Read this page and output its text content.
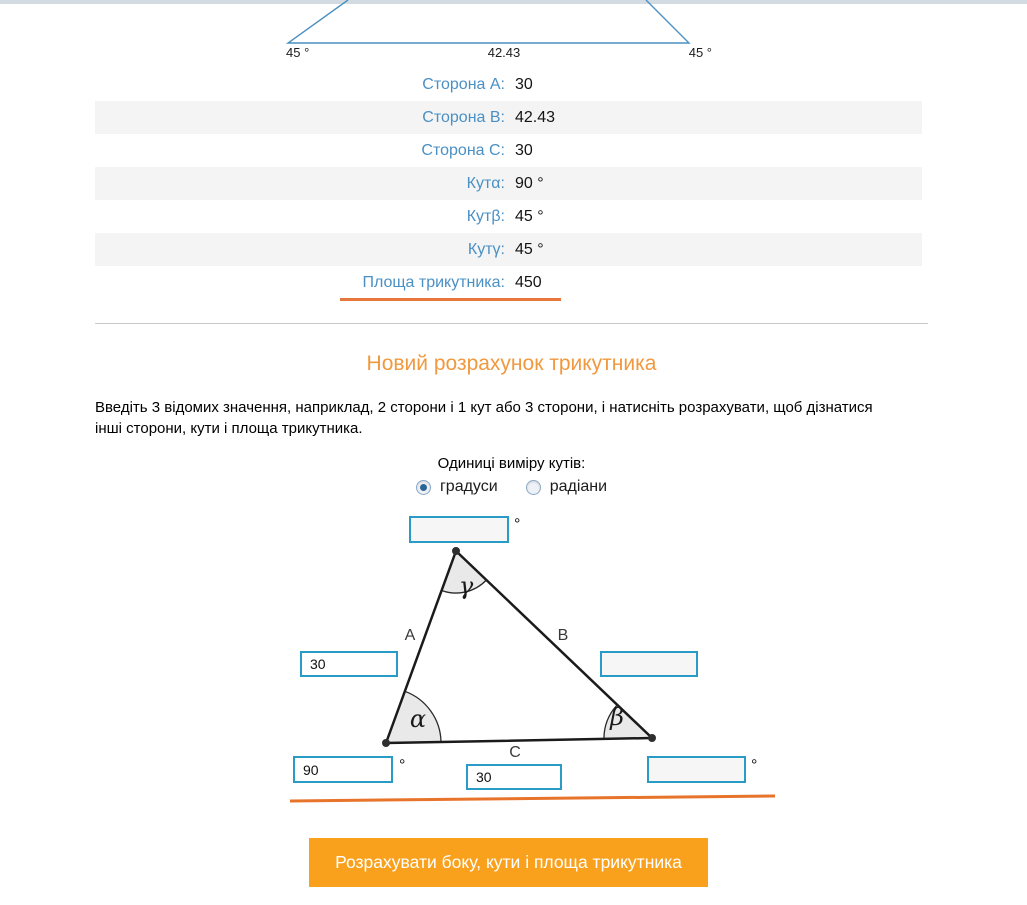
45 °	42.43	45 °
Сторона A: 30
Сторона B: 42.43
Сторона C: 30
Кутα: 90 °
Кутβ: 45 °
Кутγ: 45 °
Площа трикутника: 450
Новий розрахунок трикутника

Введіть 3 відомих значення, наприклад, 2 сторони і 1 кут або 3 сторони, і натисніть розрахувати, щоб дізнатися інші сторони, кути і площа трикутника.

Одиниці виміру кутів:
градуси	радіани
°
γ
α	β
A	B
C
30
90
°
30	°
Розрахувати боку, кути і площа трикутника
